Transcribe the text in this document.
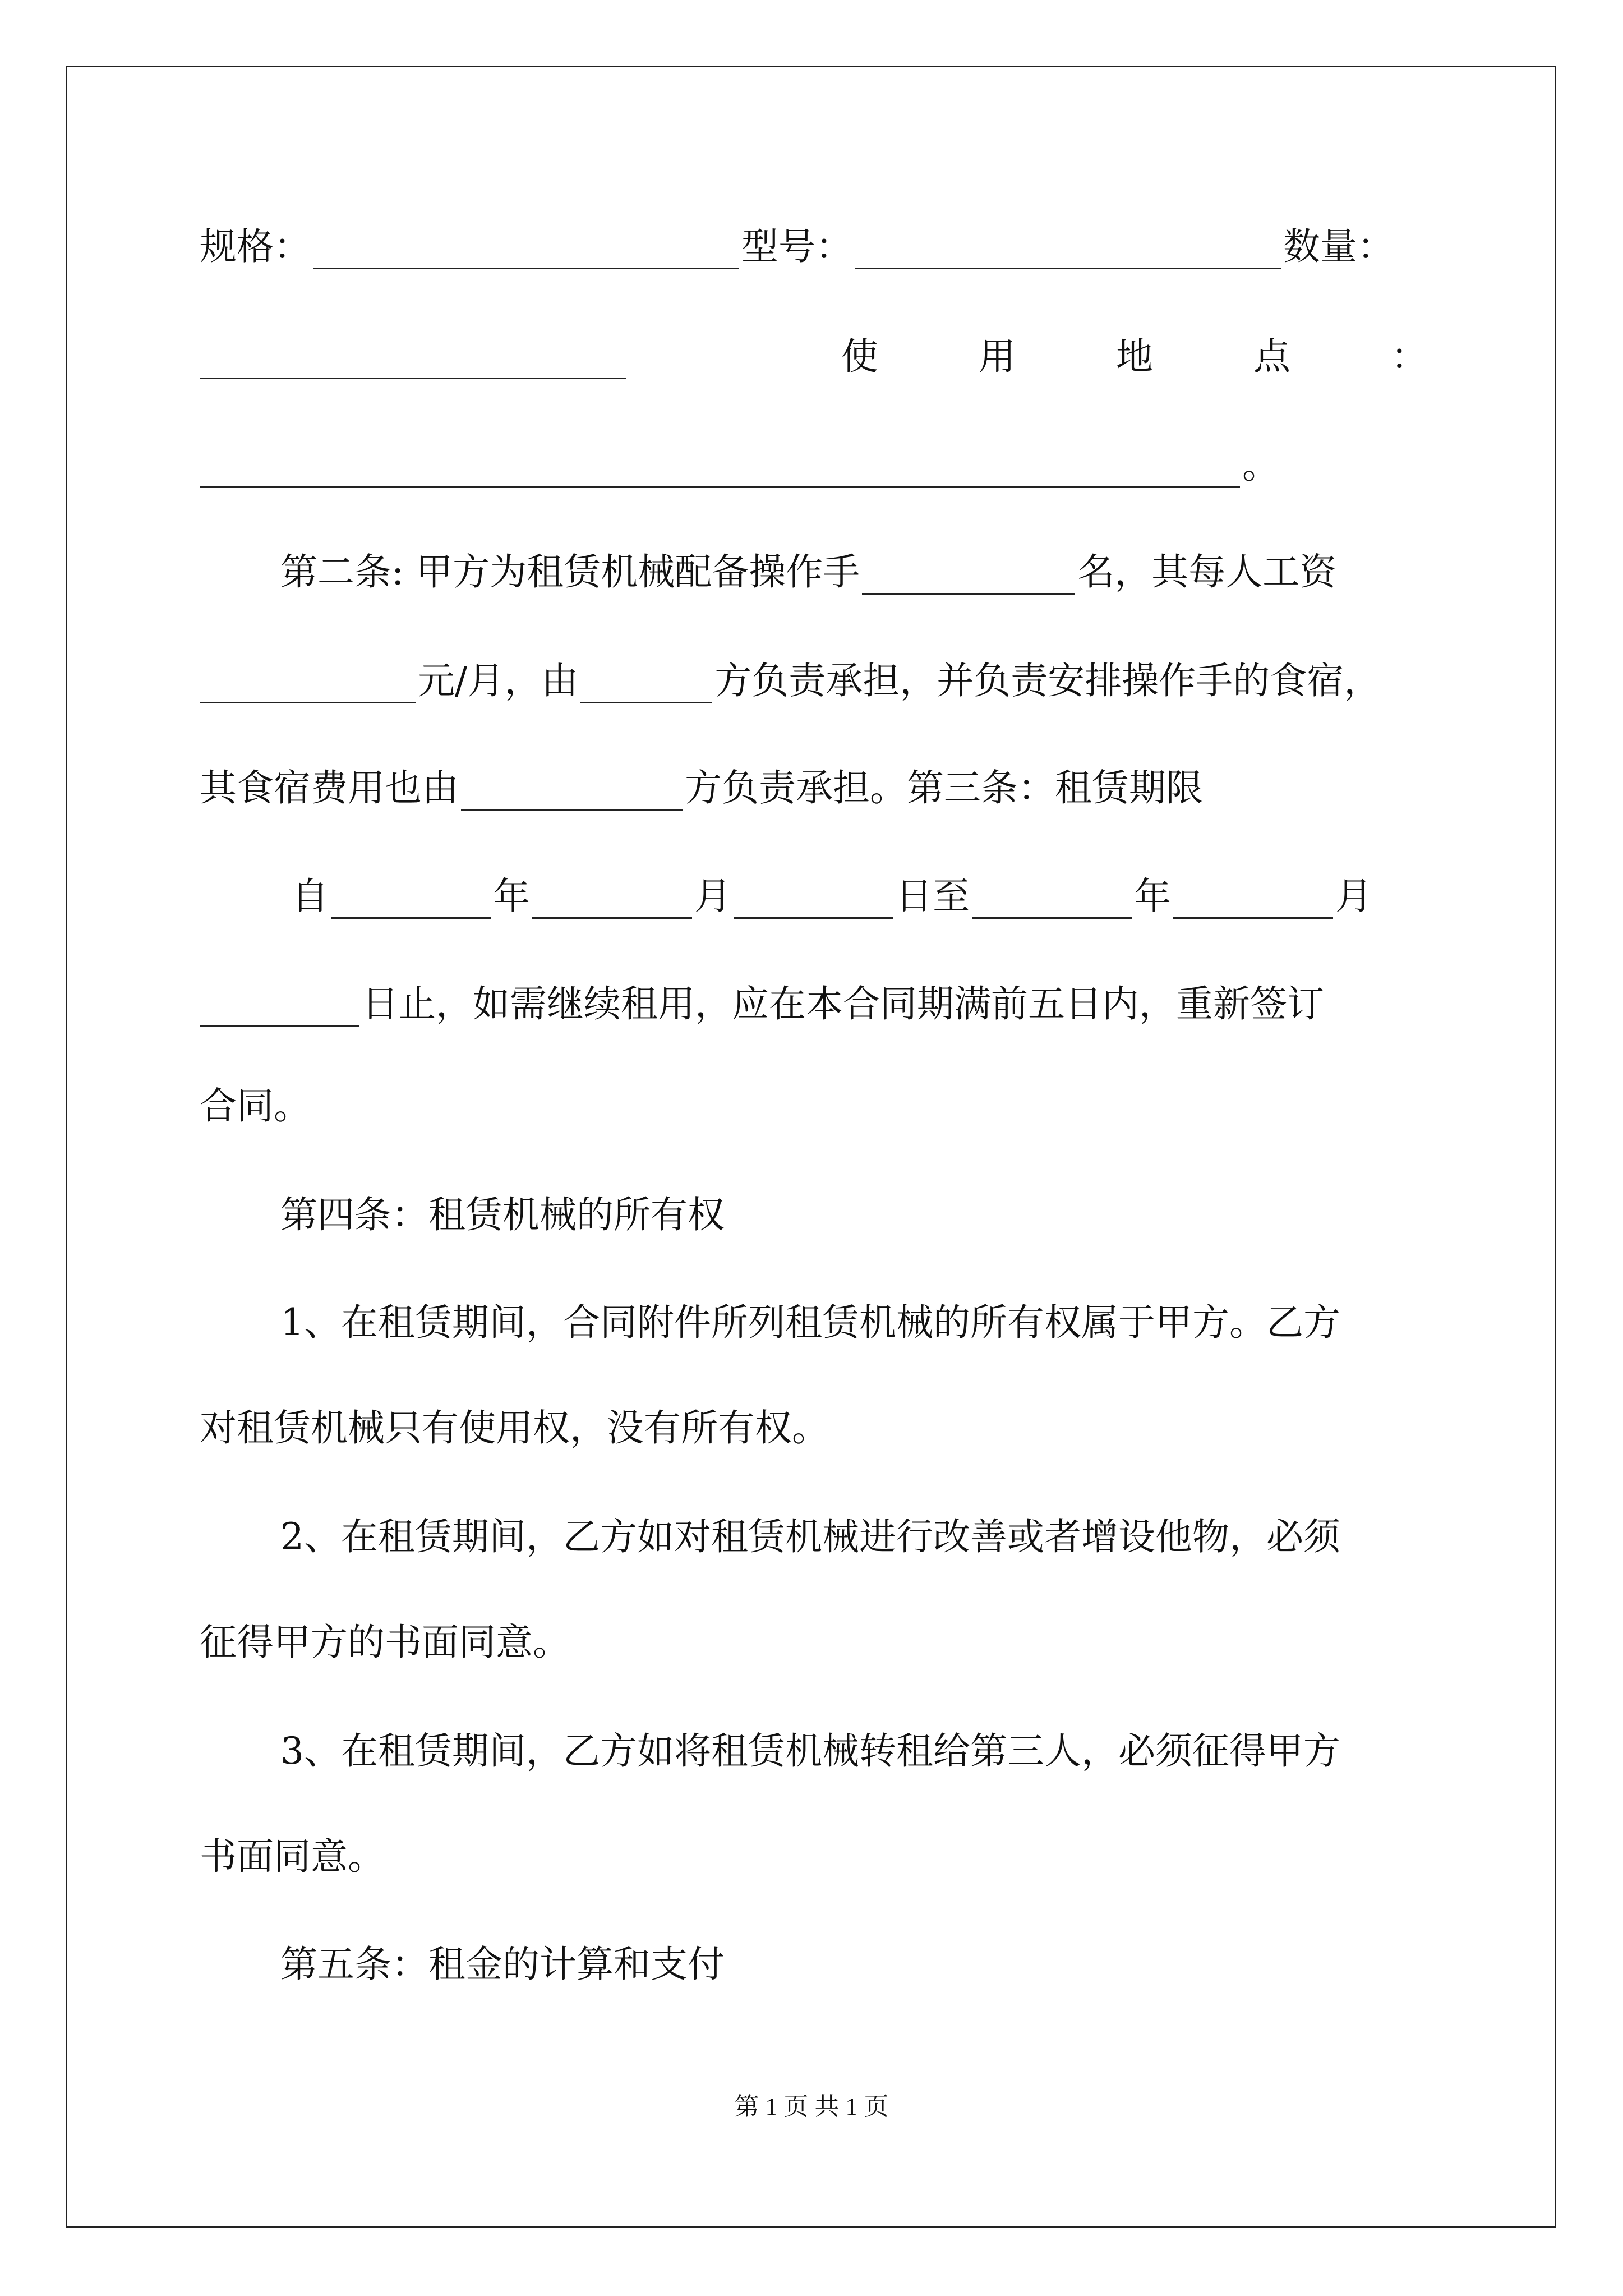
规格：	型号：	数量：
使	用	地	点	：
。
第二条: 甲方为租赁机械配备操作手	名，其每人工资
元/月，由	方负责承担，并负责安排操作手的食宿，
其食宿费用也由	方负责承担。第三条：租赁期限
自	年	月	日至	年	月
日止，如需继续租用，应在本合同期满前五日内，重新签订
合同。
第四条：租赁机械的所有权
1、在租赁期间，合同附件所列租赁机械的所有权属于甲方。乙方
对租赁机械只有使用权，没有所有权。
2、在租赁期间，乙方如对租赁机械进行改善或者增设他物，必须
征得甲方的书面同意。
3、在租赁期间，乙方如将租赁机械转租给第三人，必须征得甲方
书面同意。
第五条：租金的计算和支付
第 1 页 共 1 页
